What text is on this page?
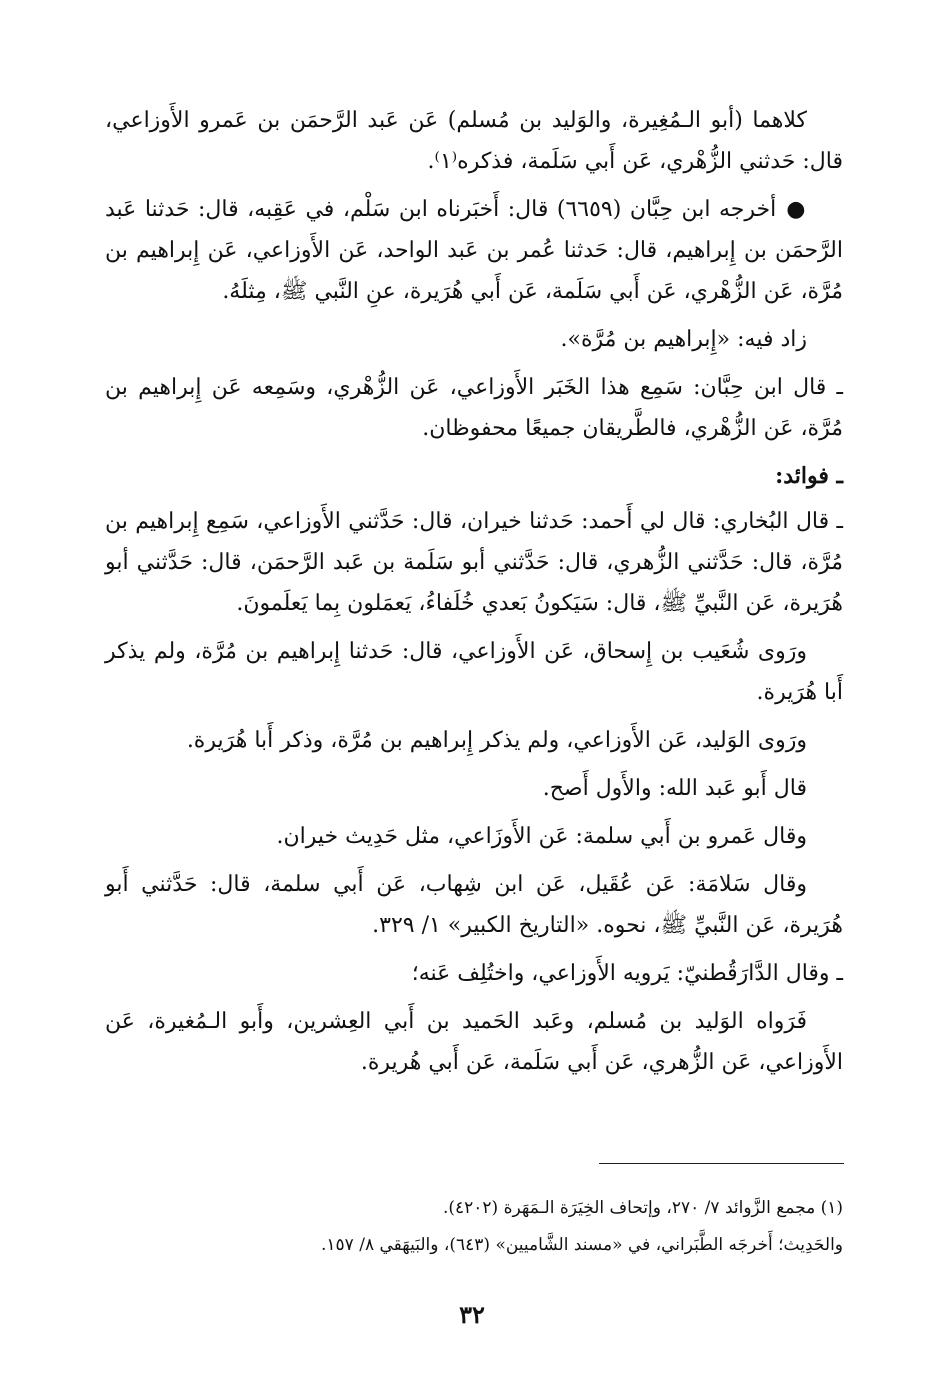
كلاهما (أبو الـمُغِيرة، والوَليد بن مُسلم) عَن عَبد الرَّحمَن بن عَمرو الأَوزاعي، قال: حَدثني الزُّهْري، عَن أَبي سَلَمة، فذكره⁽١⁾.

●أخرجه ابن حِبَّان (٦٦٥٩) قال: أَخبَرناه ابن سَلْم، في عَقِبه، قال: حَدثنا عَبد الرَّحمَن بن إِبراهيم، قال: حَدثنا عُمر بن عَبد الواحد، عَن الأَوزاعي، عَن إِبراهيم بن مُرَّة، عَن الزُّهْري، عَن أَبي سَلَمة، عَن أَبي هُرَيرة، عنِ النَّبي ﷺ، مِثلَهُ.

زاد فيه: «إِبراهيم بن مُرَّة».

ـ قال ابن حِبَّان: سَمِع هذا الخَبَر الأَوزاعي، عَن الزُّهْري، وسَمِعه عَن إِبراهيم بن مُرَّة، عَن الزُّهْري، فالطَّريقان جميعًا محفوظان.

ـ فوائد:

ـ قال البُخاري: قال لي أَحمد: حَدثنا خيران، قال: حَدَّثني الأَوزاعي، سَمِع إِبراهيم بن مُرَّة، قال: حَدَّثني الزُّهري، قال: حَدَّثني أبو سَلَمة بن عَبد الرَّحمَن، قال: حَدَّثني أبو هُرَيرة، عَن النَّبيِّ ﷺ، قال: سَيَكونُ بَعدي خُلَفاءُ، يَعمَلون بِما يَعلَمونَ.

ورَوى شُعَيب بن إِسحاق، عَن الأَوزاعي، قال: حَدثنا إِبراهيم بن مُرَّة، ولم يذكر أَبا هُرَيرة.

ورَوى الوَليد، عَن الأَوزاعي، ولم يذكر إِبراهيم بن مُرَّة، وذكر أَبا هُرَيرة.

قال أَبو عَبد الله: والأَول أَصح.

وقال عَمرو بن أَبي سلمة: عَن الأَوزَاعي، مثل حَدِيث خيران.

وقال سَلامَة: عَن عُقَيل، عَن ابن شِهاب، عَن أَبي سلمة، قال: حَدَّثني أَبو هُرَيرة، عَن النَّبيِّ ﷺ، نحوه. «التاريخ الكبير» ١/ ٣٢٩.

ـ وقال الدَّارَقُطنيّ: يَرويه الأَوزاعي، واختُلِف عَنه؛

فَرَواه الوَليد بن مُسلم، وعَبد الحَميد بن أَبي العِشرين، وأَبو الـمُغيرة، عَن الأَوزاعي، عَن الزُّهري، عَن أَبي سَلَمة، عَن أَبي هُريرة.

(١) مجمع الزَّوائد ٧/ ٢٧٠، وإتحاف الخِيَرَة الـمَهَرة (٤٢٠٢).

والحَدِيث؛ أَخرجَه الطَّبَراني، في «مسند الشَّاميين» (٦٤٣)، والبَيهَقي ٨/ ١٥٧.

٣٢
